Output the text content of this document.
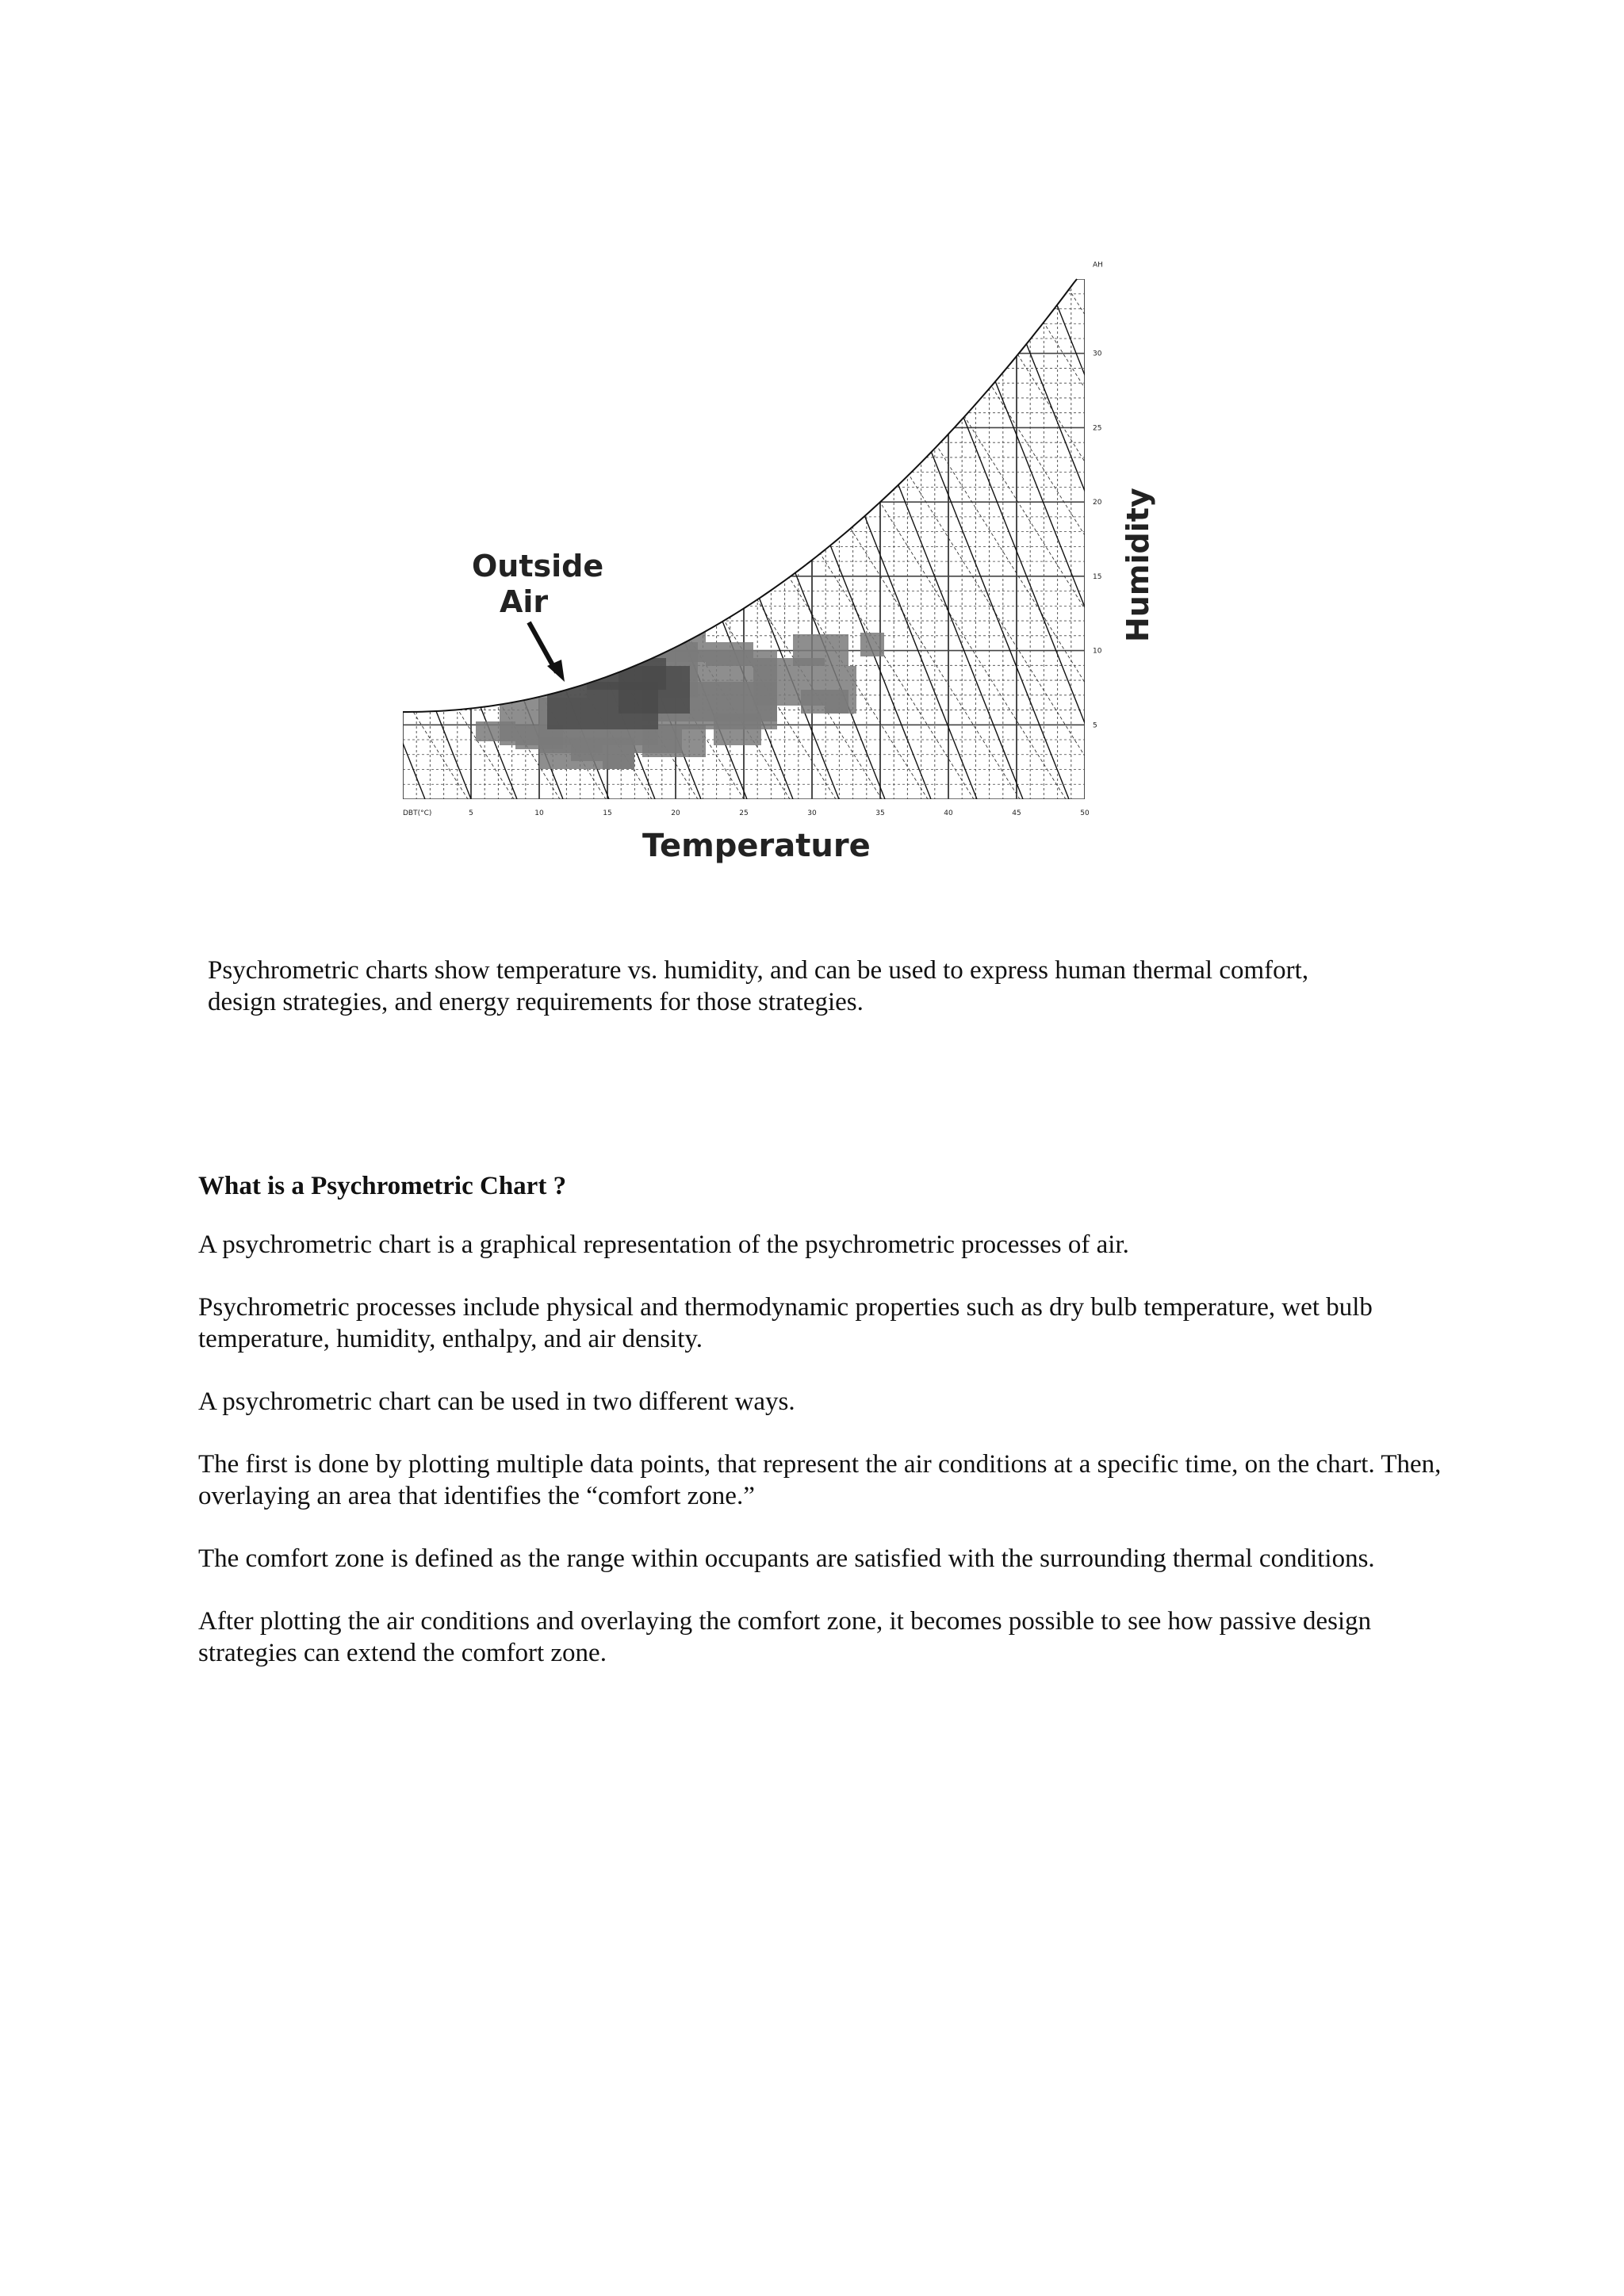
DBT(°C)	5	10	15	20	25	30	35	40	45	50
AH
30
25
20
15
10
5
Outside
Air
Temperature
Humidity

Psychrometric charts show temperature vs. humidity, and can be used to express human thermal comfort, design strategies, and energy requirements for those strategies.

What is a Psychrometric Chart ?

A psychrometric chart is a graphical representation of the psychrometric processes of air.

Psychrometric processes include physical and thermodynamic properties such as dry bulb temperature, wet bulb temperature, humidity, enthalpy, and air density.

A psychrometric chart can be used in two different ways.

The first is done by plotting multiple data points, that represent the air conditions at a specific time, on the chart. Then, overlaying an area that identifies the “comfort zone.”

The comfort zone is defined as the range within occupants are satisfied with the surrounding thermal conditions.

After plotting the air conditions and overlaying the comfort zone, it becomes possible to see how passive design strategies can extend the comfort zone.
